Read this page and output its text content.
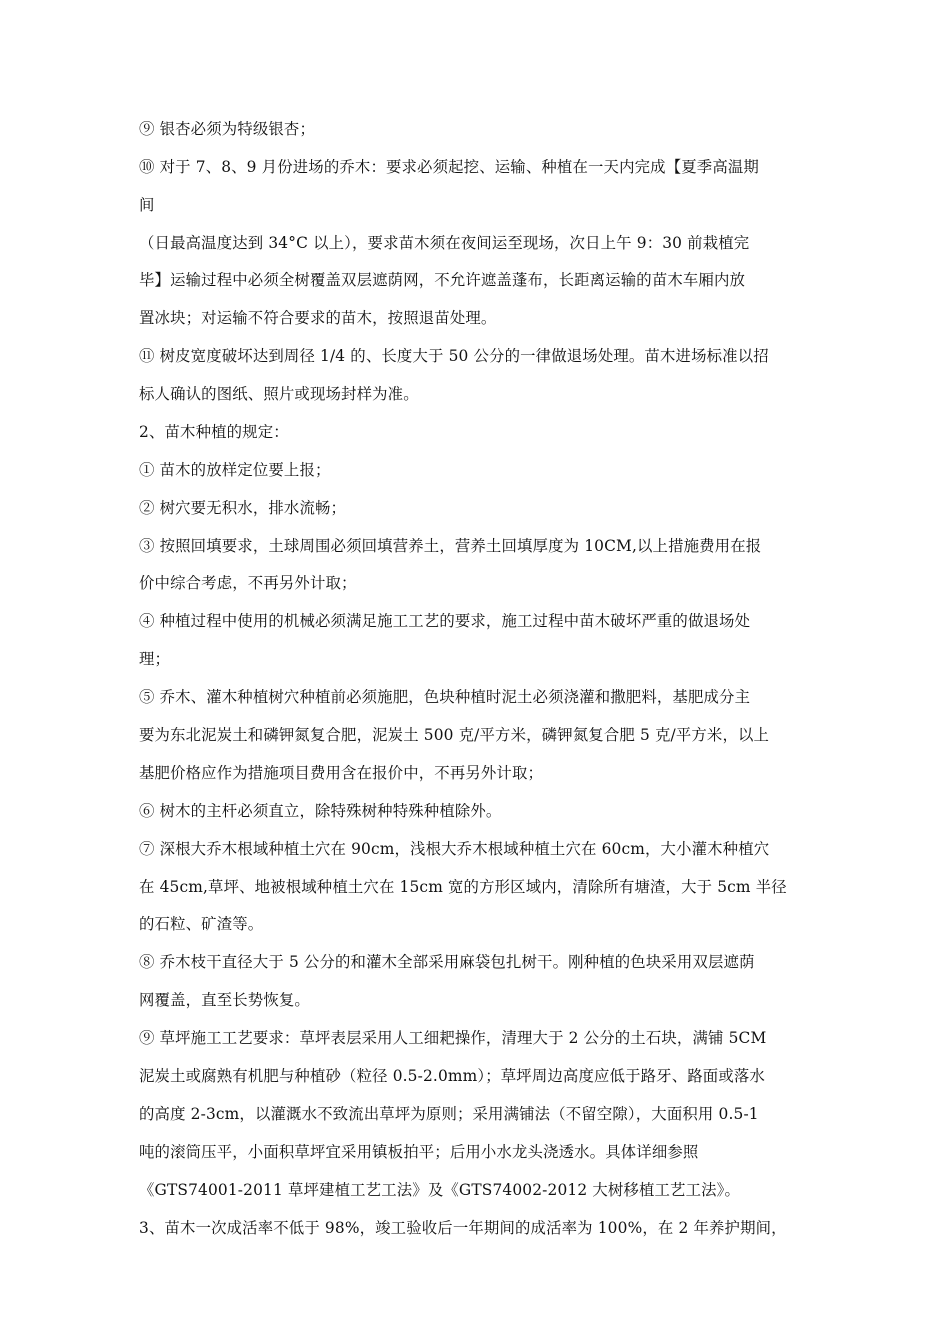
⑨ 银杏必须为特级银杏；
⑩ 对于 7、8、9 月份进场的乔木：要求必须起挖、运输、种植在一天内完成【夏季高温期
间
（日最高温度达到 34°C 以上），要求苗木须在夜间运至现场，次日上午 9：30 前栽植完
毕】运输过程中必须全树覆盖双层遮荫网，不允许遮盖蓬布，长距离运输的苗木车厢内放
置冰块；对运输不符合要求的苗木，按照退苗处理。
⑪ 树皮宽度破坏达到周径 1/4 的、长度大于 50 公分的一律做退场处理。苗木进场标准以招
标人确认的图纸、照片或现场封样为准。
2、苗木种植的规定：
① 苗木的放样定位要上报；
② 树穴要无积水，排水流畅；
③ 按照回填要求，土球周围必须回填营养土，营养土回填厚度为 10CM,以上措施费用在报
价中综合考虑，不再另外计取；
④ 种植过程中使用的机械必须满足施工工艺的要求，施工过程中苗木破坏严重的做退场处
理；
⑤ 乔木、灌木种植树穴种植前必须施肥，色块种植时泥土必须浇灌和撒肥料，基肥成分主
要为东北泥炭土和磷钾氮复合肥，泥炭土 500 克/平方米，磷钾氮复合肥 5 克/平方米，以上
基肥价格应作为措施项目费用含在报价中，不再另外计取；
⑥ 树木的主杆必须直立，除特殊树种特殊种植除外。
⑦ 深根大乔木根域种植土穴在 90cm，浅根大乔木根域种植土穴在 60cm，大小灌木种植穴
在 45cm,草坪、地被根域种植土穴在 15cm 宽的方形区域内，清除所有塘渣，大于 5cm 半径
的石粒、矿渣等。
⑧ 乔木枝干直径大于 5 公分的和灌木全部采用麻袋包扎树干。刚种植的色块采用双层遮荫
网覆盖，直至长势恢复。
⑨ 草坪施工工艺要求：草坪表层采用人工细耙操作，清理大于 2 公分的土石块，满铺 5CM
泥炭土或腐熟有机肥与种植砂（粒径 0.5-2.0mm）；草坪周边高度应低于路牙、路面或落水
的高度 2-3cm，以灌溉水不致流出草坪为原则；采用满铺法（不留空隙），大面积用 0.5-1
吨的滚筒压平，小面积草坪宜采用镇板拍平；后用小水龙头浇透水。具体详细参照
《GTS74001-2011 草坪建植工艺工法》及《GTS74002-2012 大树移植工艺工法》。
3、苗木一次成活率不低于 98%，竣工验收后一年期间的成活率为 100%，在 2 年养护期间，
